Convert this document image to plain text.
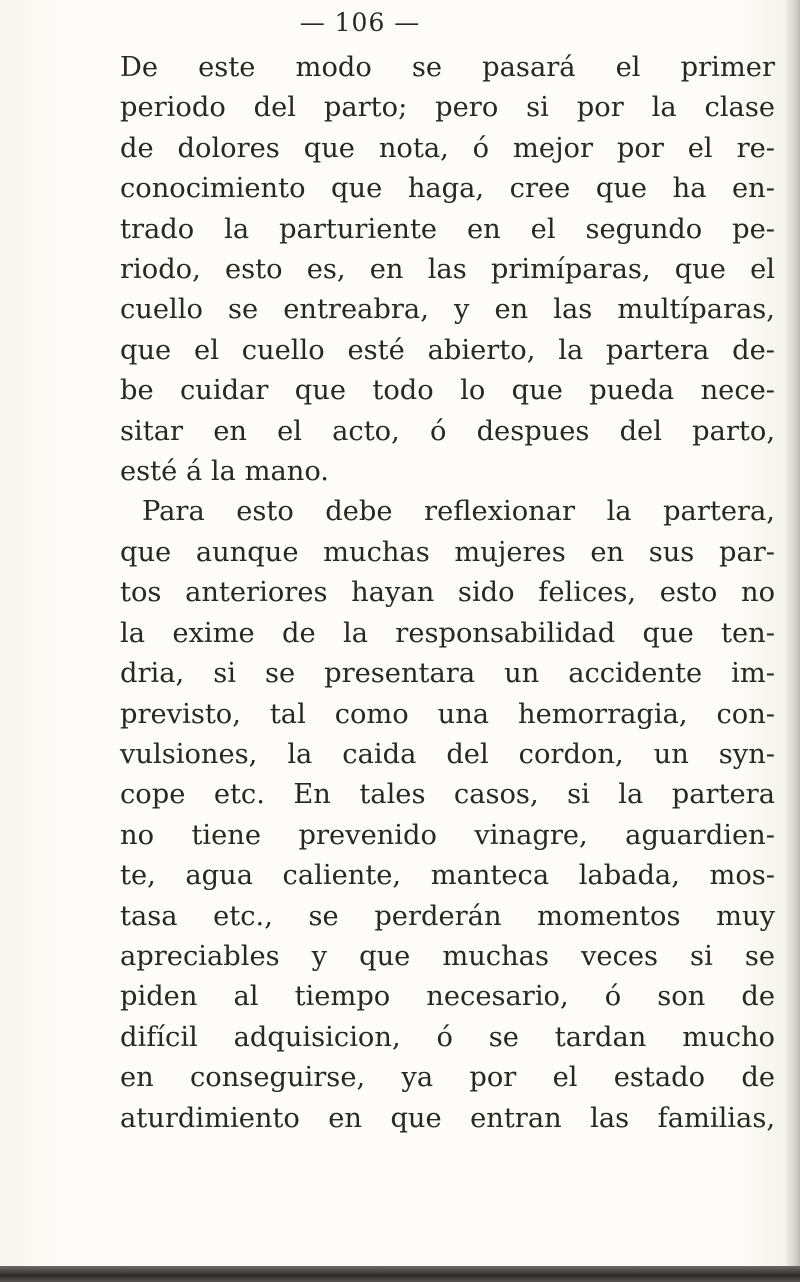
— 106 —
De este modo se pasará el primer
periodo del parto; pero si por la clase
de dolores que nota, ó mejor por el re-
conocimiento que haga, cree que ha en-
trado la parturiente en el segundo pe-
riodo, esto es, en las primíparas, que el
cuello se entreabra, y en las multíparas,
que el cuello esté abierto, la partera de-
be cuidar que todo lo que pueda nece-
sitar en el acto, ó despues del parto,
esté á la mano.
Para esto debe reflexionar la partera,
que aunque muchas mujeres en sus par-
tos anteriores hayan sido felices, esto no
la exime de la responsabilidad que ten-
dria, si se presentara un accidente im-
previsto, tal como una hemorragia, con-
vulsiones, la caida del cordon, un syn-
cope etc. En tales casos, si la partera
no tiene prevenido vinagre, aguardien-
te, agua caliente, manteca labada, mos-
tasa etc., se perderán momentos muy
apreciables y que muchas veces si se
piden al tiempo necesario, ó son de
difícil adquisicion, ó se tardan mucho
en conseguirse, ya por el estado de
aturdimiento en que entran las familias,
